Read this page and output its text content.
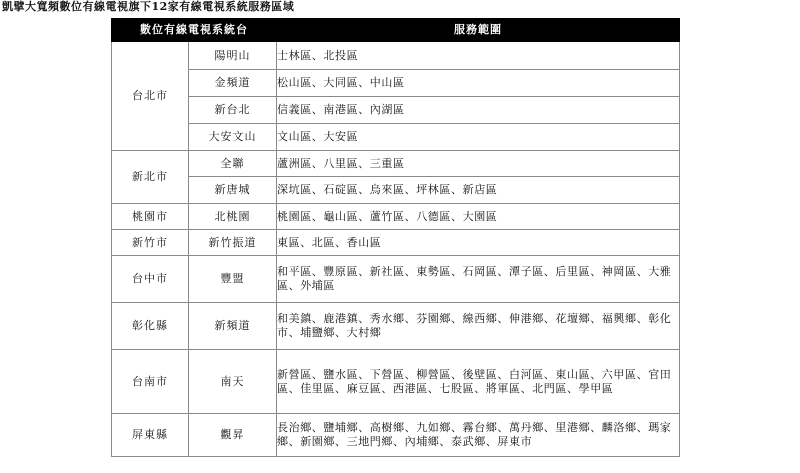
凱擘大寬頻數位有線電視旗下12家有線電視系統服務區域
數位有線電視系統台		服務範圍
台北市	陽明山	士林區、北投區
	金頻道	松山區、大同區、中山區
	新台北	信義區、南港區、內湖區
	大安文山	文山區、大安區
新北市	全聯	蘆洲區、八里區、三重區
	新唐城	深坑區、石碇區、烏來區、坪林區、新店區
桃園市	北桃園	桃園區、龜山區、蘆竹區、八德區、大園區
新竹市	新竹振道	東區、北區、香山區
台中市	豐盟	和平區、豐原區、新社區、東勢區、石岡區、潭子區、后里區、神岡區、大雅區、外埔區
彰化縣	新頻道	和美鎮、鹿港鎮、秀水鄉、芬園鄉、線西鄉、伸港鄉、花壇鄉、福興鄉、彰化市、埔鹽鄉、大村鄉
台南市	南天	新營區、鹽水區、下營區、柳營區、後壁區、白河區、東山區、六甲區、官田區、佳里區、麻豆區、西港區、七股區、將軍區、北門區、學甲區
屏東縣	觀昇	長治鄉、鹽埔鄉、高樹鄉、九如鄉、霧台鄉、萬丹鄉、里港鄉、麟洛鄉、瑪家鄉、新園鄉、三地門鄉、內埔鄉、泰武鄉、屏東市
